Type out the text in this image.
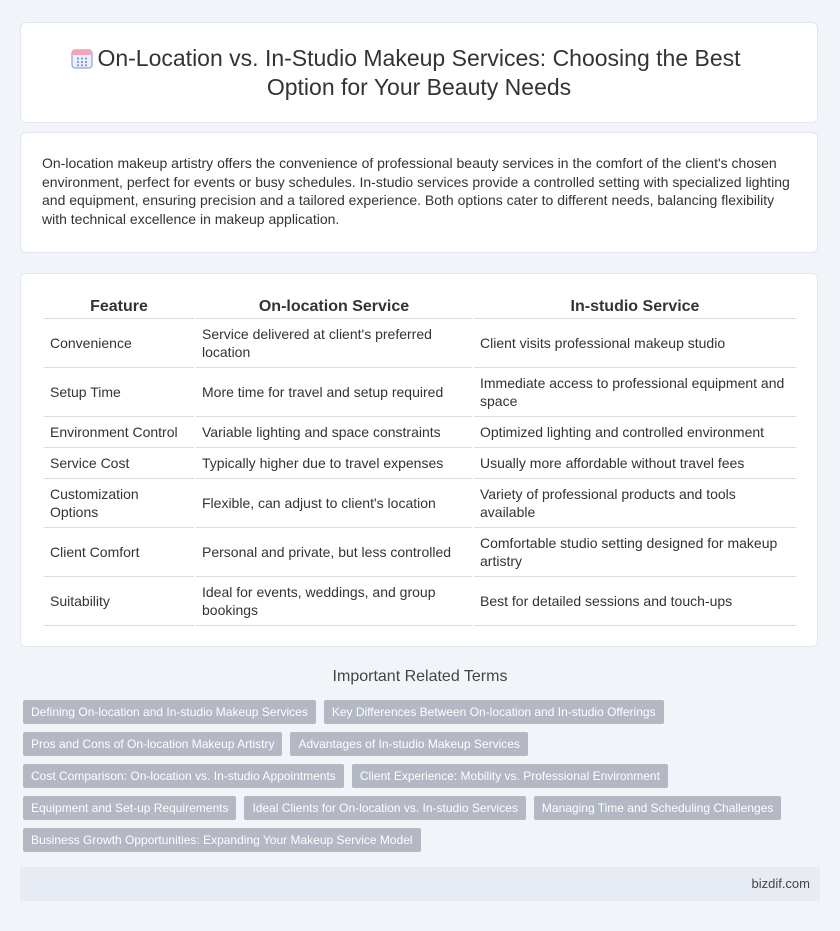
On-Location vs. In-Studio Makeup Services: Choosing the Best Option for Your Beauty Needs

On-location makeup artistry offers the convenience of professional beauty services in the comfort of the client's chosen environment, perfect for events or busy schedules. In-studio services provide a controlled setting with specialized lighting and equipment, ensuring precision and a tailored experience. Both options cater to different needs, balancing flexibility with technical excellence in makeup application.

Feature	On-location Service	In-studio Service
Convenience	Service delivered at client's preferred location	Client visits professional makeup studio
Setup Time	More time for travel and setup required	Immediate access to professional equipment and space
Environment Control	Variable lighting and space constraints	Optimized lighting and controlled environment
Service Cost	Typically higher due to travel expenses	Usually more affordable without travel fees
Customization Options	Flexible, can adjust to client's location	Variety of professional products and tools available
Client Comfort	Personal and private, but less controlled	Comfortable studio setting designed for makeup artistry
Suitability	Ideal for events, weddings, and group bookings	Best for detailed sessions and touch-ups
Important Related Terms
Defining On-location and In-studio Makeup Services	Key Differences Between On-location and In-studio Offerings
Pros and Cons of On-location Makeup Artistry	Advantages of In-studio Makeup Services
Cost Comparison: On-location vs. In-studio Appointments	Client Experience: Mobility vs. Professional Environment
Equipment and Set-up Requirements	Ideal Clients for On-location vs. In-studio Services	Managing Time and Scheduling Challenges
Business Growth Opportunities: Expanding Your Makeup Service Model
bizdif.com
